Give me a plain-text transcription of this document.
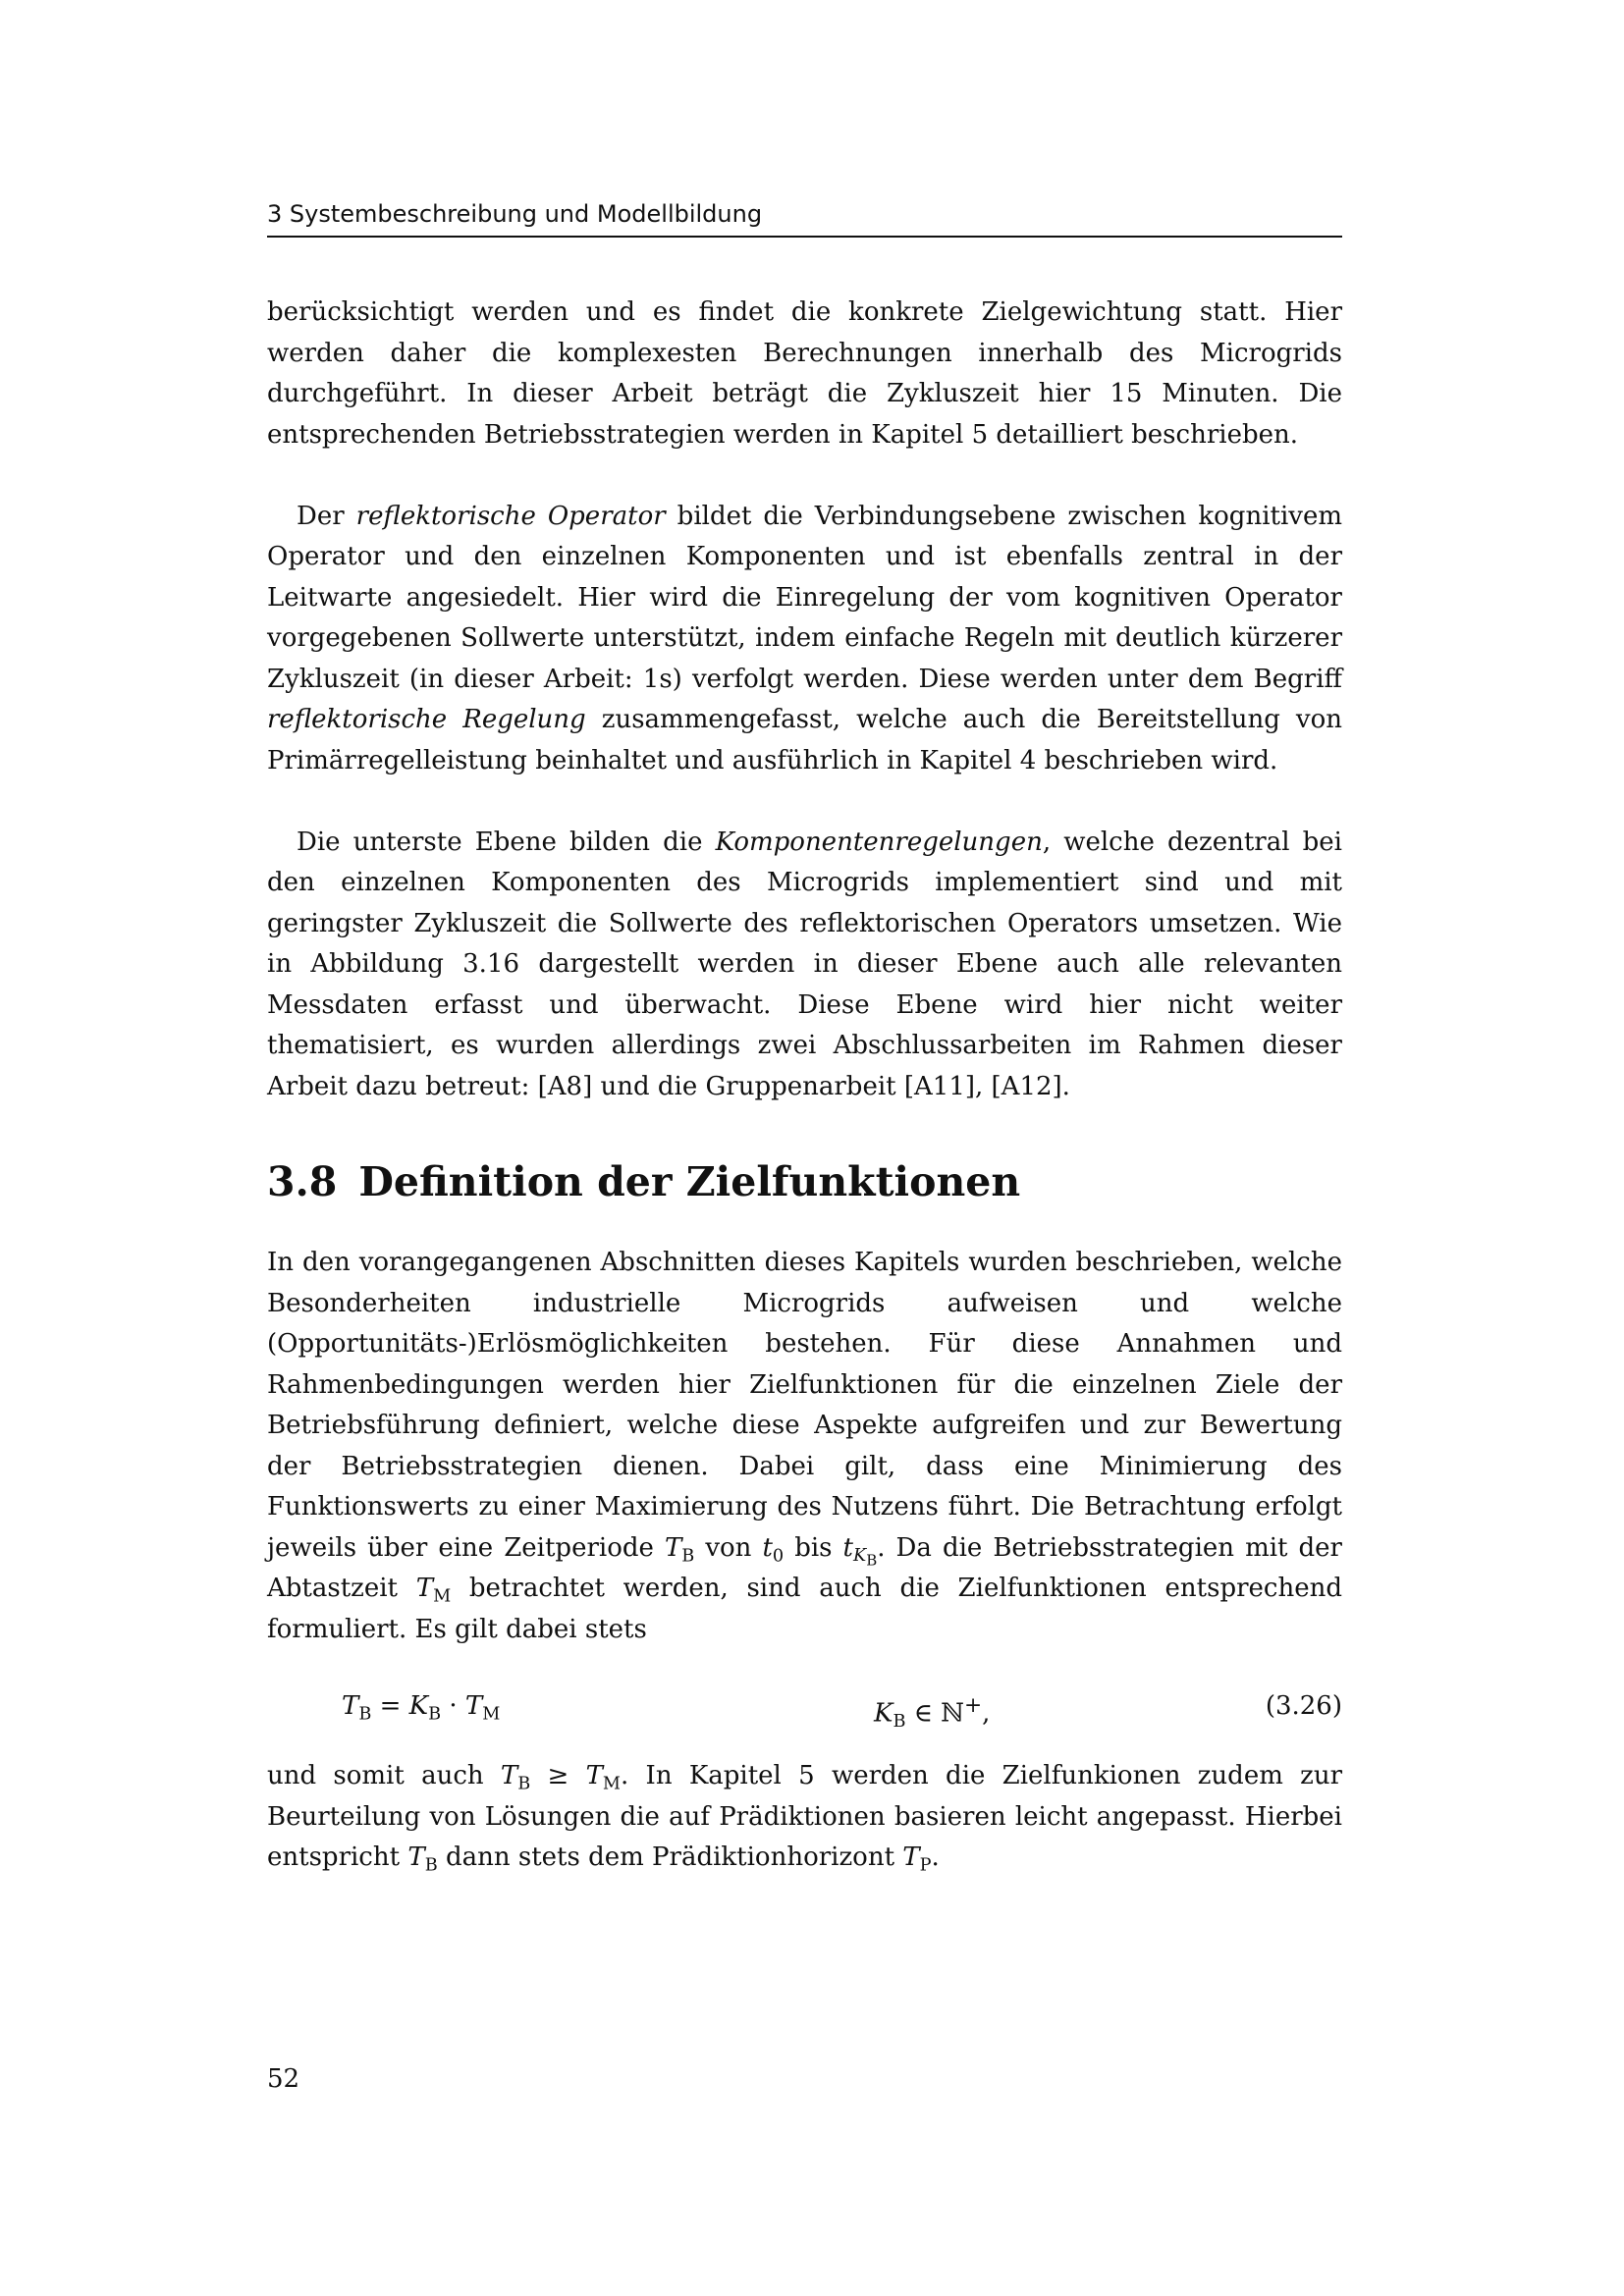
3 Systembeschreibung und Modellbildung

berücksichtigt werden und es findet die konkrete Zielgewichtung statt. Hier werden daher die komplexesten Berechnungen innerhalb des Microgrids durchgeführt. In dieser Arbeit beträgt die Zykluszeit hier 15 Minuten. Die entsprechenden Betriebsstrategien werden in Kapitel 5 detailliert beschrieben.

Der reflektorische Operator bildet die Verbindungsebene zwischen kognitivem Operator und den einzelnen Komponenten und ist ebenfalls zentral in der Leitwarte angesiedelt. Hier wird die Einregelung der vom kognitiven Operator vorgegebenen Sollwerte unterstützt, indem einfache Regeln mit deutlich kürzerer Zykluszeit (in dieser Arbeit: 1s) verfolgt werden. Diese werden unter dem Begriff reflektorische Regelung zusammengefasst, welche auch die Bereitstellung von Primärregelleistung beinhaltet und ausführlich in Kapitel 4 beschrieben wird.

Die unterste Ebene bilden die Komponentenregelungen, welche dezentral bei den einzelnen Komponenten des Microgrids implementiert sind und mit geringster Zykluszeit die Sollwerte des reflektorischen Operators umsetzen. Wie in Abbildung 3.16 dargestellt werden in dieser Ebene auch alle relevanten Messdaten erfasst und überwacht. Diese Ebene wird hier nicht weiter thematisiert, es wurden allerdings zwei Abschlussarbeiten im Rahmen dieser Arbeit dazu betreut: [A8] und die Gruppenarbeit [A11], [A12].

3.8 Definition der Zielfunktionen

In den vorangegangenen Abschnitten dieses Kapitels wurden beschrieben, welche Besonderheiten industrielle Microgrids aufweisen und welche (Opportunitäts-)Erlösmöglichkeiten bestehen. Für diese Annahmen und Rahmenbedingungen werden hier Zielfunktionen für die einzelnen Ziele der Betriebsführung definiert, welche diese Aspekte aufgreifen und zur Bewertung der Betriebsstrategien dienen. Dabei gilt, dass eine Minimierung des Funktionswerts zu einer Maximierung des Nutzens führt. Die Betrachtung erfolgt jeweils über eine Zeitperiode $T_B$ von $t_0$ bis $t_{K_B}$. Da die Betriebsstrategien mit der Abtastzeit $T_M$ betrachtet werden, sind auch die Zielfunktionen entsprechend formuliert. Es gilt dabei stets

$T_B = K_B \cdot T_M$	$K_B$ ∈ ℕ+,	(3.26)

und somit auch $T_B \ge T_M$. In Kapitel 5 werden die Zielfunkionen zudem zur Beurteilung von Lösungen die auf Prädiktionen basieren leicht angepasst. Hierbei entspricht $T_B$ dann stets dem Prädiktionhorizont $T_P$.

52
